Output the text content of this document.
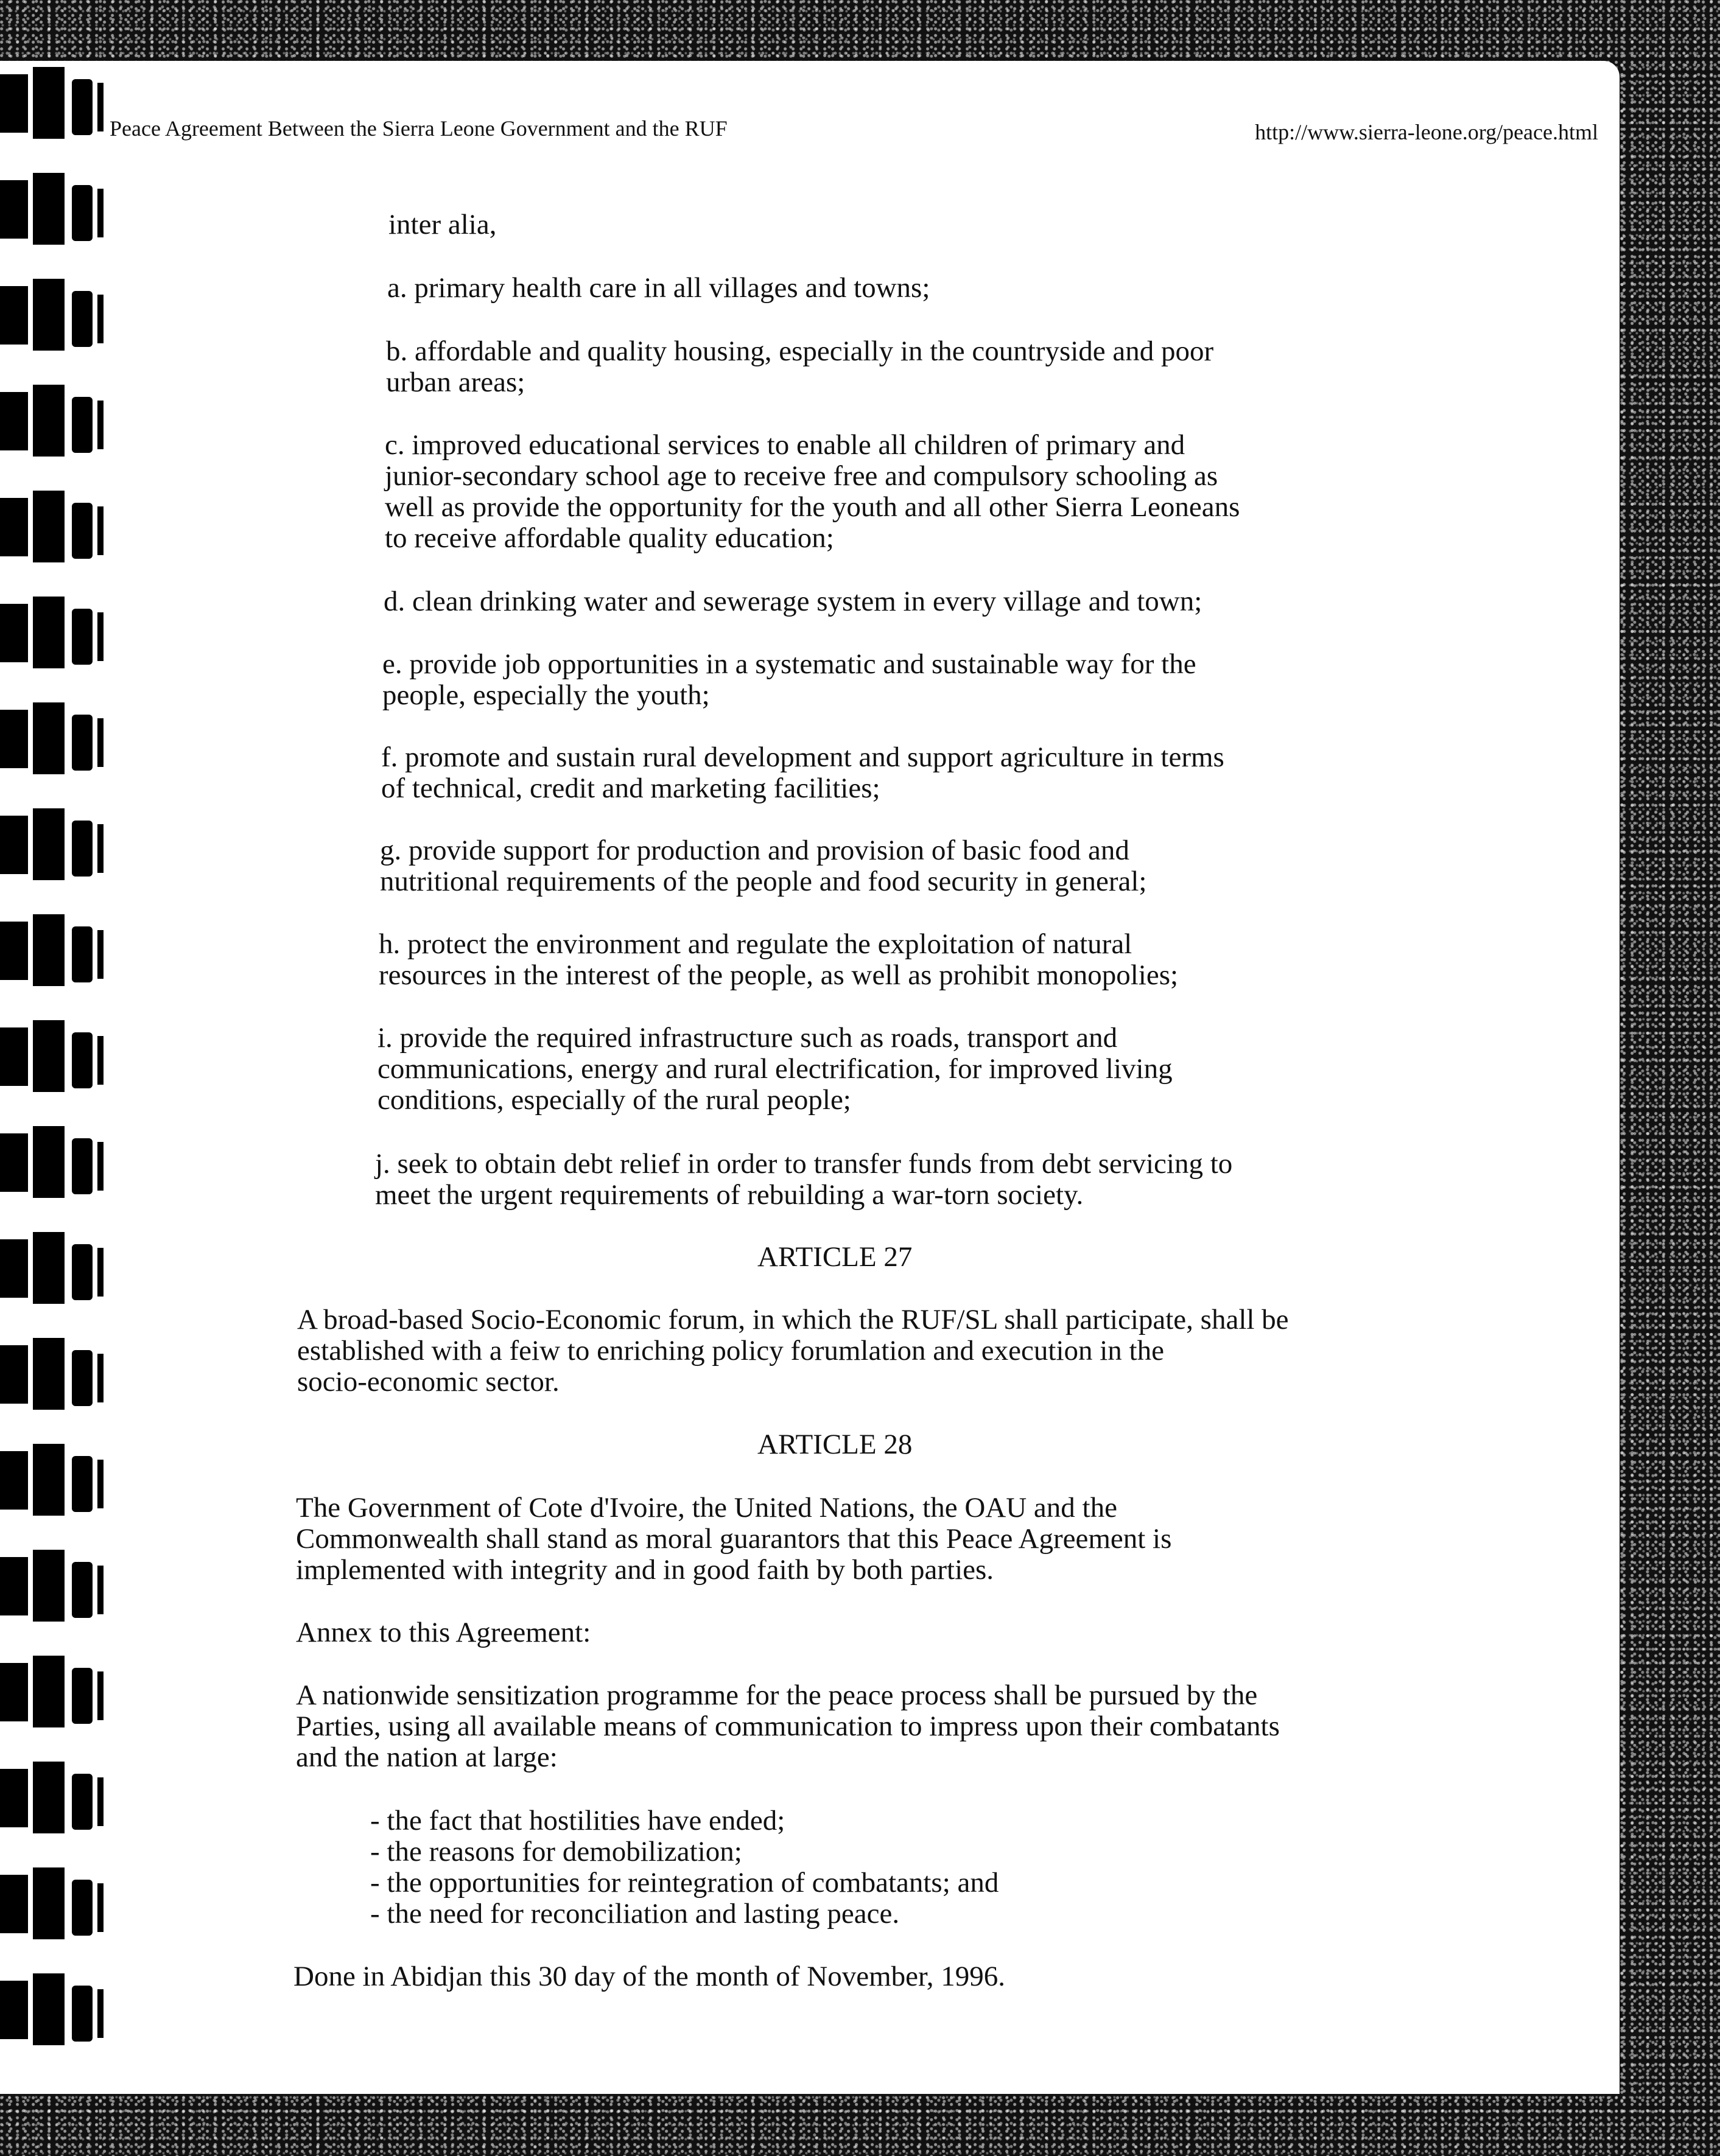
Peace Agreement Between the Sierra Leone Government and the RUF	http://www.sierra-leone.org/peace.html
inter alia,
a. primary health care in all villages and towns;
b. affordable and quality housing, especially in the countryside and poor
urban areas;
c. improved educational services to enable all children of primary and
junior-secondary school age to receive free and compulsory schooling as
well as provide the opportunity for the youth and all other Sierra Leoneans
to receive affordable quality education;
d. clean drinking water and sewerage system in every village and town;
e. provide job opportunities in a systematic and sustainable way for the
people, especially the youth;
f. promote and sustain rural development and support agriculture in terms
of technical, credit and marketing facilities;
g. provide support for production and provision of basic food and
nutritional requirements of the people and food security in general;
h. protect the environment and regulate the exploitation of natural
resources in the interest of the people, as well as prohibit monopolies;
i. provide the required infrastructure such as roads, transport and
communications, energy and rural electrification, for improved living
conditions, especially of the rural people;
j. seek to obtain debt relief in order to transfer funds from debt servicing to
meet the urgent requirements of rebuilding a war-torn society.
ARTICLE 27
A broad-based Socio-Economic forum, in which the RUF/SL shall participate, shall be
established with a feiw to enriching policy forumlation and execution in the
socio-economic sector.
ARTICLE 28
The Government of Cote d'Ivoire, the United Nations, the OAU and the
Commonwealth shall stand as moral guarantors that this Peace Agreement is
implemented with integrity and in good faith by both parties.
Annex to this Agreement:
A nationwide sensitization programme for the peace process shall be pursued by the
Parties, using all available means of communication to impress upon their combatants
and the nation at large:
- the fact that hostilities have ended;
- the reasons for demobilization;
- the opportunities for reintegration of combatants; and
- the need for reconciliation and lasting peace.
Done in Abidjan this 30 day of the month of November, 1996.
